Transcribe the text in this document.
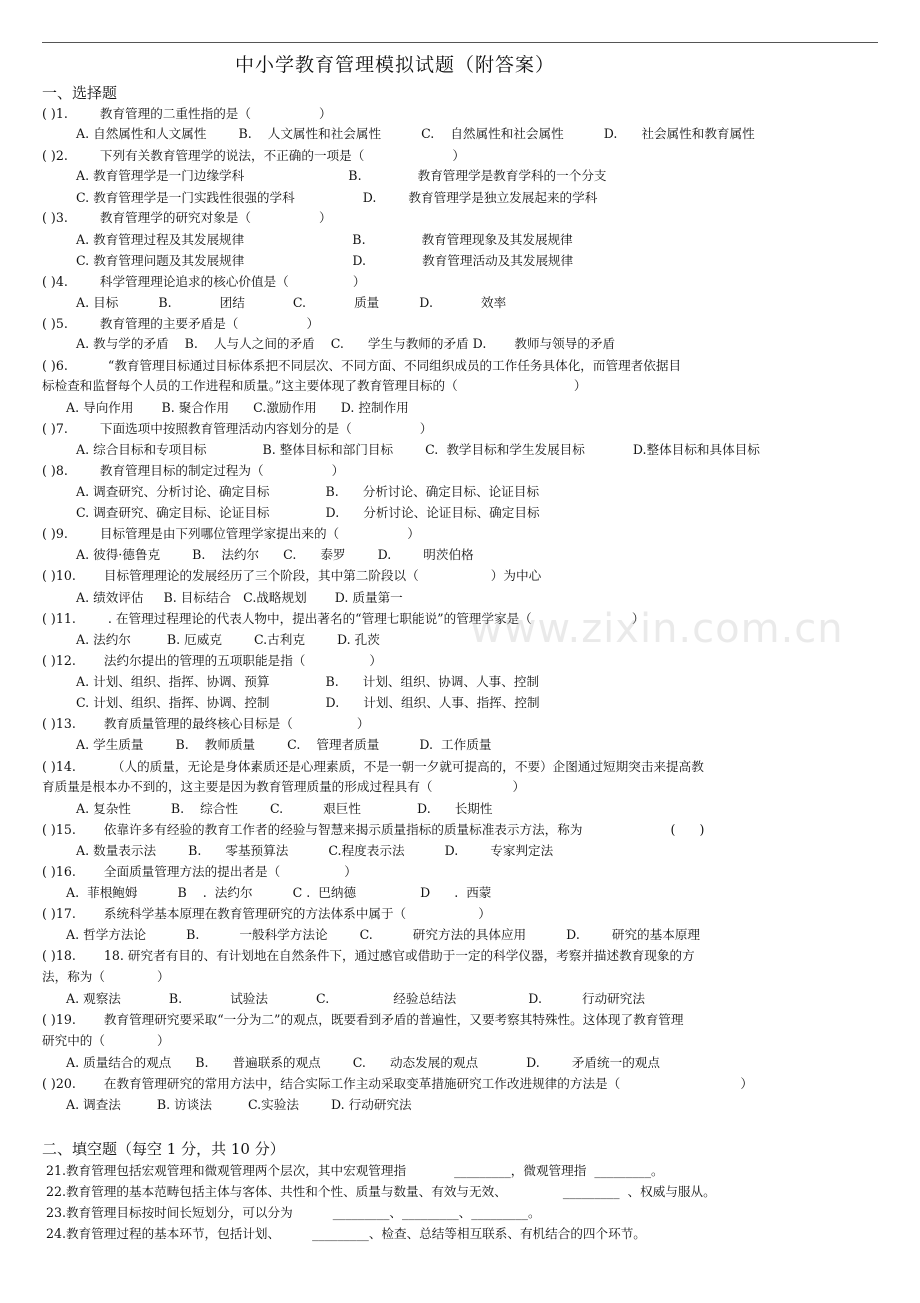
中小学教育管理模拟试题（附答案）
一、选择题
( )1.        教育管理的二重性指的是（                 ）
A. 自然属性和人文属性        B.    人文属性和社会属性          C.    自然属性和社会属性          D.      社会属性和教育属性
( )2.        下列有关教育管理学的说法，不正确的一项是（                      ）
A. 教育管理学是一门边缘学科                          B.              教育管理学是教育学科的一个分支
C. 教育管理学是一门实践性很强的学科                 D.        教育管理学是独立发展起来的学科
( )3.        教育管理学的研究对象是（                 ）
A. 教育管理过程及其发展规律                           B.              教育管理现象及其发展规律
C. 教育管理问题及其发展规律                           D.              教育管理活动及其发展规律
( )4.        科学管理理论追求的核心价值是（                ）
A. 目标          B.            团结            C.            质量          D.            效率
( )5.        教育管理的主要矛盾是（                 ）
A. 教与学的矛盾    B.    人与人之间的矛盾    C.      学生与教师的矛盾 D.       教师与领导的矛盾
( )6.          “教育管理目标通过目标体系把不同层次、不同方面、不同组织成员的工作任务具体化，而管理者依据目
标检查和监督每个人员的工作进程和质量。”这主要体现了教育管理目标的（                             ）
A. 导向作用       B. 聚合作用      C.激励作用      D. 控制作用
( )7.        下面选项中按照教育管理活动内容划分的是（                 ）
A. 综合目标和专项目标              B. 整体目标和部门目标        C.  教学目标和学生发展目标            D.整体目标和具体目标
( )8.        教育管理目标的制定过程为（                 ）
A. 调查研究、分析讨论、确定目标              B.      分析讨论、确定目标、论证目标
C. 调查研究、确定目标、论证目标              D.      分析讨论、论证目标、确定目标
( )9.        目标管理是由下列哪位管理学家提出来的（                 ）
A. 彼得·德鲁克        B.    法约尔      C.      泰罗        D.        明茨伯格
( )10.       目标管理理论的发展经历了三个阶段，其中第二阶段以（                  ）为中心
A. 绩效评估     B. 目标结合   C.战略规划       D. 质量第一
( )11.        . 在管理过程理论的代表人物中，提出著名的“管理七职能说”的管理学家是（                         ）
A. 法约尔         B. 厄威克        C.古利克        D. 孔茨
( )12.       法约尔提出的管理的五项职能是指（                ）
A. 计划、组织、指挥、协调、预算              B.      计划、组织、协调、人事、控制
C. 计划、组织、指挥、协调、控制              D.      计划、组织、人事、指挥、控制
( )13.       教育质量管理的最终核心目标是（                ）
A. 学生质量        B.    教师质量        C.    管理者质量          D.  工作质量
( )14.         （人的质量，无论是身体素质还是心理素质，不是一朝一夕就可提高的，不要）企图通过短期突击来提高教
育质量是根本办不到的，这主要是因为教育管理质量的形成过程具有（                    ）
A. 复杂性          B.    综合性        C.          艰巨性              D.      长期性
( )15.       依靠许多有经验的教育工作者的经验与智慧来揭示质量指标的质量标准表示方法，称为                      (      )
A. 数量表示法        B.      零基预算法          C.程度表示法          D.        专家判定法
( )16.       全面质量管理方法的提出者是（                ）
A.  菲根鲍姆          B    .  法约尔          C .  巴纳德                D      .  西蒙
( )17.       系统科学基本原理在教育管理研究的方法体系中属于（                  ）
A. 哲学方法论          B.          一般科学方法论        C.          研究方法的具体应用          D.        研究的基本原理
( )18.       18. 研究者有目的、有计划地在自然条件下，通过感官或借助于一定的科学仪器，考察并描述教育现象的方
法，称为（             ）
A. 观察法            B.            试验法            C.                经验总结法                  D.          行动研究法
( )19.       教育管理研究要采取“一分为二”的观点，既要看到矛盾的普遍性，又要考察其特殊性。这体现了教育管理
研究中的（             ）
A. 质量结合的观点      B.      普遍联系的观点        C.      动态发展的观点            D.        矛盾统一的观点
( )20.       在教育管理研究的常用方法中，结合实际工作主动采取变革措施研究工作改进规律的方法是（                              ）
A. 调查法         B. 访谈法         C.实验法        D. 行动研究法
二、填空题（每空 1 分，共 10 分）
21.教育管理包括宏观管理和微观管理两个层次，其中宏观管理指            _________，微观管理指  _________。
22.教育管理的基本范畴包括主体与客体、共性和个性、质量与数量、有效与无效、              _________  、权威与服从。
23.教育管理目标按时间长短划分，可以分为          _________、_________、_________。
24.教育管理过程的基本环节，包括计划、        _________、检查、总结等相互联系、有机结合的四个环节。
www.zixin.com.cn
